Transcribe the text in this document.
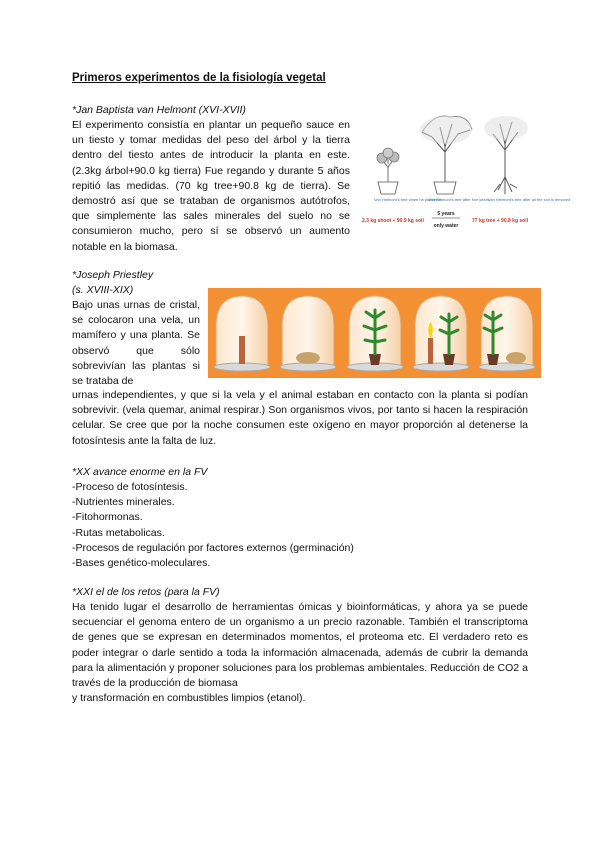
Primeros experimentos de la fisiología vegetal
*Jan Baptista van Helmont (XVI-XVII)
El experimento consistía en plantar un pequeño sauce en un tiesto y tomar medidas del peso del árbol y la tierra dentro del tiesto antes de introducir la planta en este. (2.3kg árbol+90.0 kg tierra) Fue regando y durante 5 años repitió las medidas. (70 kg tree+90.8 kg de tierra). Se demostró así que se trataban de organismos autótrofos, que simplemente las sales minerales del suelo no se consumieron mucho, pero sí se observó un aumento notable en la biomasa.
Van Helmont's tree when he planted it
Van Helmont's tree after five years Van Helmont's tree after all the soil is removed
2.3 kg shoot + 90.9 kg soil
5 years
only water
77 kg tree + 90.8 kg soil
*Joseph Priestley
(s. XVIII-XIX)
Bajo unas urnas de cristal, se colocaron una vela, un mamífero y una planta. Se observó que sólo sobrevivían las plantas si se trataba de
urnas independientes, y que si la vela y el animal estaban en contacto con la planta si podían sobrevivir. (vela quemar, animal respirar.) Son organismos vivos, por tanto si hacen la respiración celular. Se cree que por la noche consumen este oxígeno en mayor proporción al detenerse la fotosíntesis ante la falta de luz.
*XX avance enorme en la FV
-Proceso de fotosíntesis.
-Nutrientes minerales.
-Fitohormonas.
-Rutas metabolicas.
-Procesos de regulación por factores externos (germinación)
-Bases genético-moleculares.
*XXI el de los retos (para la FV)
Ha tenido lugar el desarrollo de herramientas ómicas y bioinformáticas, y ahora ya se puede secuenciar el genoma entero de un organismo a un precio razonable. También el transcriptoma de genes que se expresan en determinados momentos, el proteoma etc. El verdadero reto es poder integrar o darle sentido a toda la información almacenada, además de cubrir la demanda para la alimentación y proponer soluciones para los problemas ambientales. Reducción de CO2 a través de la producción de biomasa
y transformación en combustibles limpios (etanol).
